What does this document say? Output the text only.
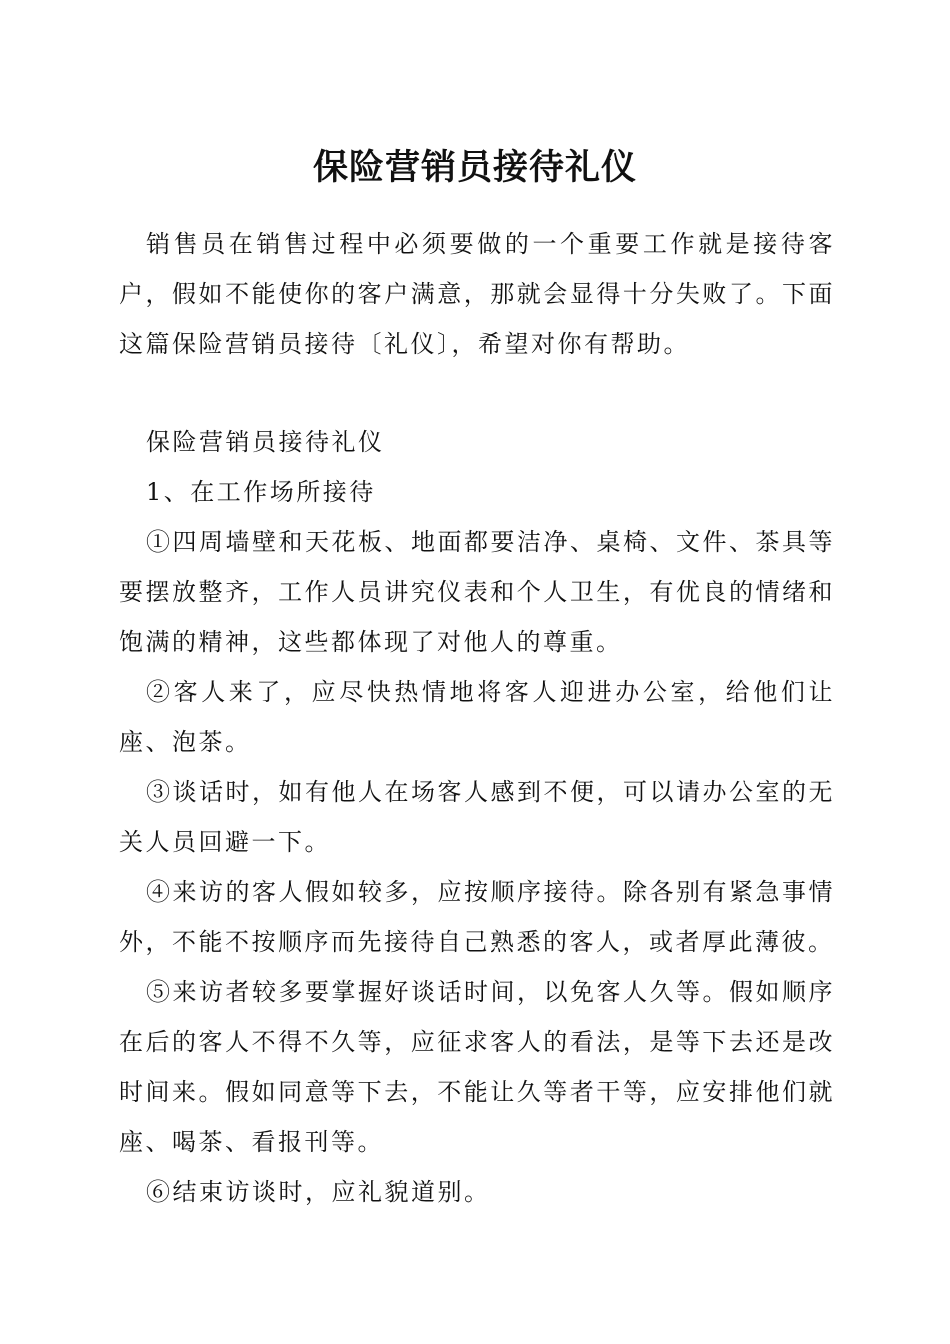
保险营销员接待礼仪

销售员在销售过程中必须要做的一个重要工作就是接待客户，假如不能使你的客户满意，那就会显得十分失败了。下面这篇保险营销员接待〔礼仪〕，希望对你有帮助。

保险营销员接待礼仪

1、在工作场所接待

①四周墙壁和天花板、地面都要洁净、桌椅、文件、茶具等要摆放整齐，工作人员讲究仪表和个人卫生，有优良的情绪和饱满的精神，这些都体现了对他人的尊重。

②客人来了，应尽快热情地将客人迎进办公室，给他们让座、泡茶。

③谈话时，如有他人在场客人感到不便，可以请办公室的无关人员回避一下。

④来访的客人假如较多，应按顺序接待。除各别有紧急事情外，不能不按顺序而先接待自己熟悉的客人，或者厚此薄彼。

⑤来访者较多要掌握好谈话时间，以免客人久等。假如顺序在后的客人不得不久等，应征求客人的看法，是等下去还是改时间来。假如同意等下去，不能让久等者干等，应安排他们就座、喝茶、看报刊等。

⑥结束访谈时，应礼貌道别。
